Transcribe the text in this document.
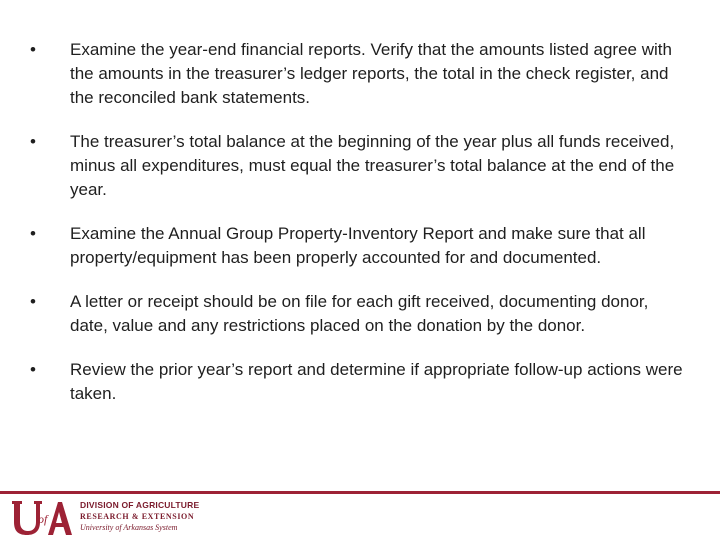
•	Examine the year-end financial reports. Verify that the amounts listed agree with the amounts in the treasurer’s ledger reports, the total in the check register, and the reconciled bank statements.
•	The treasurer’s total balance at the beginning of the year plus all funds received, minus all expenditures, must equal the treasurer’s total balance at the end of the year.
•	Examine the Annual Group Property-Inventory Report and make sure that all property/equipment has been properly accounted for and documented.
•	A letter or receipt should be on file for each gift received, documenting donor, date, value and any restrictions placed on the donation by the donor.
•	Review the prior year’s report and determine if appropriate follow-up actions were taken.
of
DIVISION OF AGRICULTURE
RESEARCH & EXTENSION
University of Arkansas System
